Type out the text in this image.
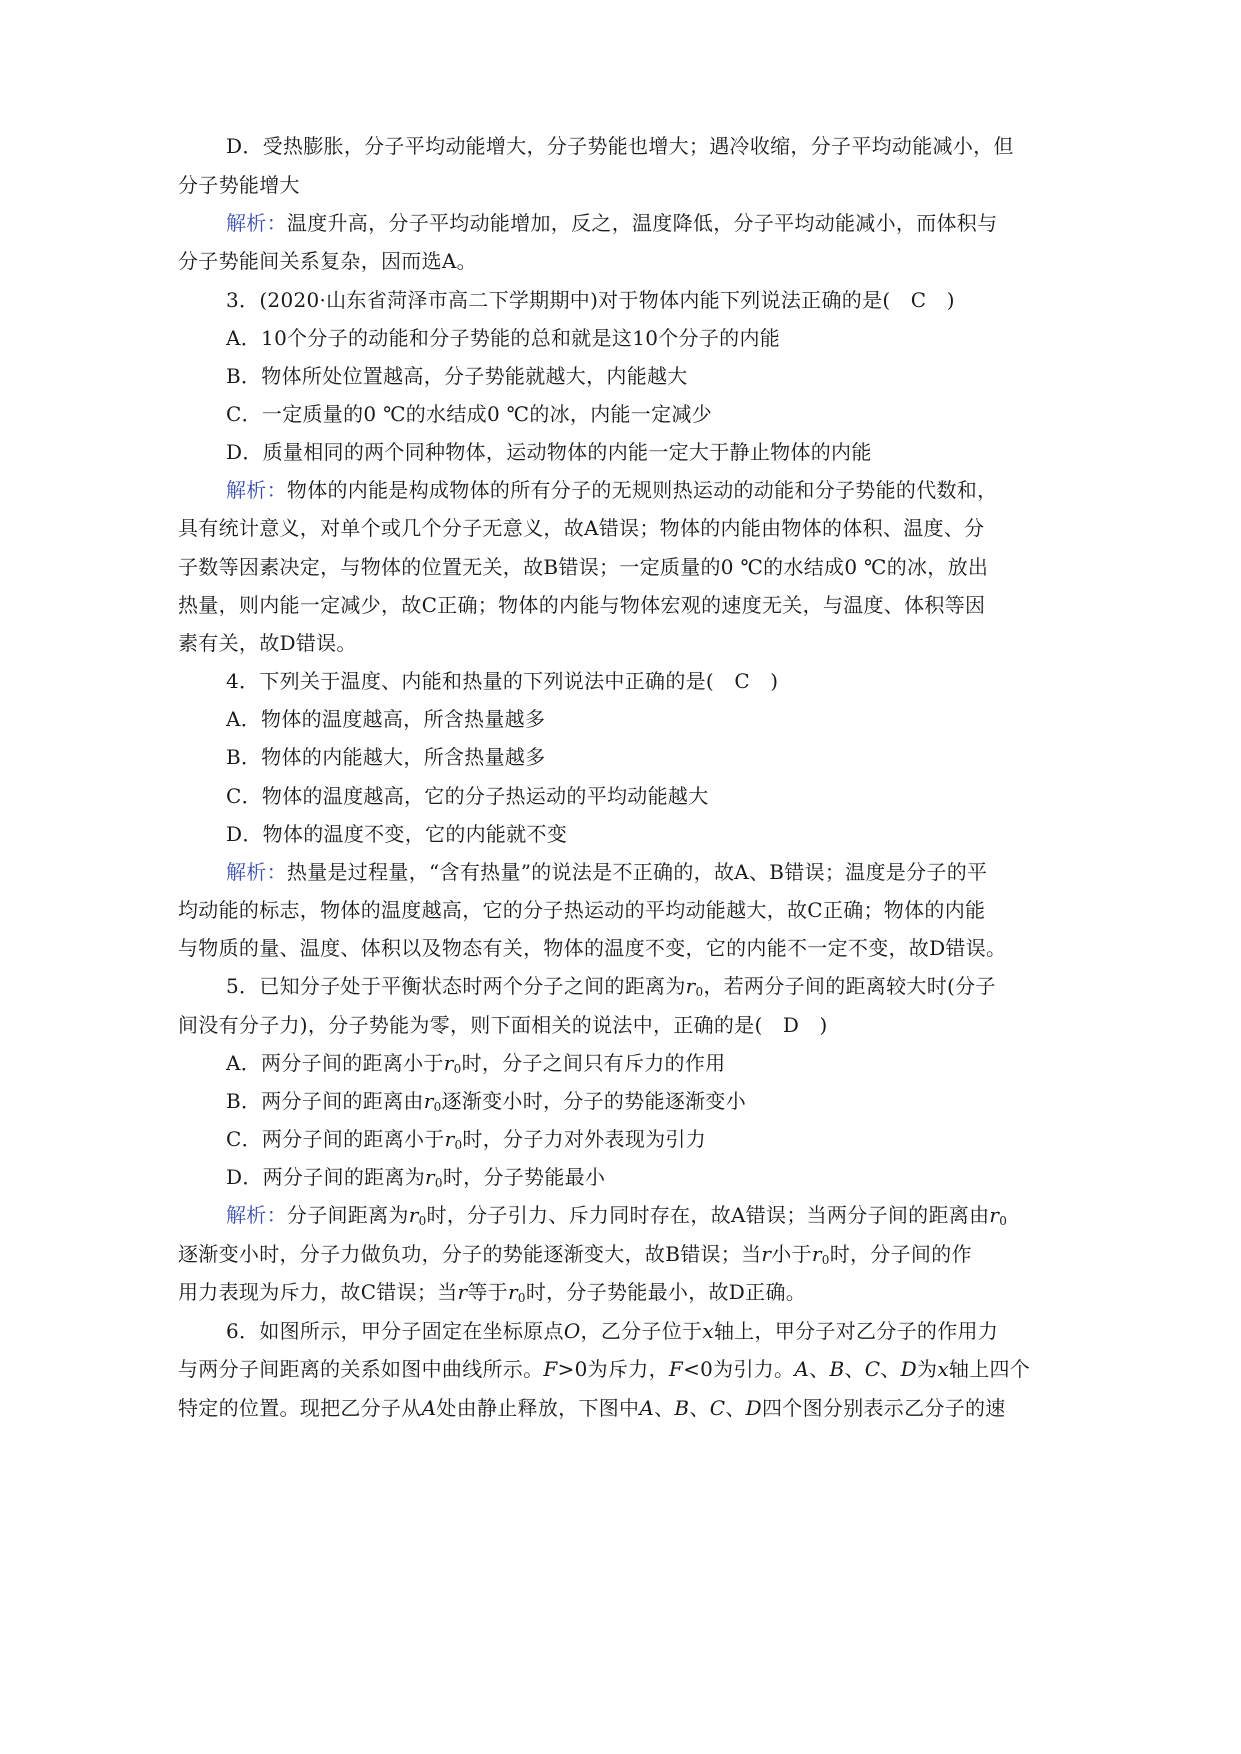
D．受热膨胀，分子平均动能增大，分子势能也增大；遇冷收缩，分子平均动能减小，但
分子势能增大
解析：温度升高，分子平均动能增加，反之，温度降低，分子平均动能减小，而体积与
分子势能间关系复杂，因而选A。
3．(2020·山东省菏泽市高二下学期期中)对于物体内能下列说法正确的是(　C　)
A．10个分子的动能和分子势能的总和就是这10个分子的内能
B．物体所处位置越高，分子势能就越大，内能越大
C．一定质量的0 ℃的水结成0 ℃的冰，内能一定减少
D．质量相同的两个同种物体，运动物体的内能一定大于静止物体的内能
解析：物体的内能是构成物体的所有分子的无规则热运动的动能和分子势能的代数和，
具有统计意义，对单个或几个分子无意义，故A错误；物体的内能由物体的体积、温度、分
子数等因素决定，与物体的位置无关，故B错误；一定质量的0 ℃的水结成0 ℃的冰，放出
热量，则内能一定减少，故C正确；物体的内能与物体宏观的速度无关，与温度、体积等因
素有关，故D错误。
4．下列关于温度、内能和热量的下列说法中正确的是(　C　)
A．物体的温度越高，所含热量越多
B．物体的内能越大，所含热量越多
C．物体的温度越高，它的分子热运动的平均动能越大
D．物体的温度不变，它的内能就不变
解析：热量是过程量，“含有热量”的说法是不正确的，故A、B错误；温度是分子的平
均动能的标志，物体的温度越高，它的分子热运动的平均动能越大，故C正确；物体的内能
与物质的量、温度、体积以及物态有关，物体的温度不变，它的内能不一定不变，故D错误。
5．已知分子处于平衡状态时两个分子之间的距离为$r_0$，若两分子间的距离较大时(分子
间没有分子力)，分子势能为零，则下面相关的说法中，正确的是(　D　)
A．两分子间的距离小于$r_0$时，分子之间只有斥力的作用
B．两分子间的距离由$r_0$逐渐变小时，分子的势能逐渐变小
C．两分子间的距离小于$r_0$时，分子力对外表现为引力
D．两分子间的距离为$r_0$时，分子势能最小
解析：分子间距离为$r_0$时，分子引力、斥力同时存在，故A错误；当两分子间的距离由$r_0$
逐渐变小时，分子力做负功，分子的势能逐渐变大，故B错误；当r小于$r_0$时，分子间的作
用力表现为斥力，故C错误；当r等于$r_0$时，分子势能最小，故D正确。
6．如图所示，甲分子固定在坐标原点O，乙分子位于x轴上，甲分子对乙分子的作用力
与两分子间距离的关系如图中曲线所示。F>0为斥力，F<0为引力。A、B、C、D为x轴上四个
特定的位置。现把乙分子从A处由静止释放，下图中A、B、C、D四个图分别表示乙分子的速
